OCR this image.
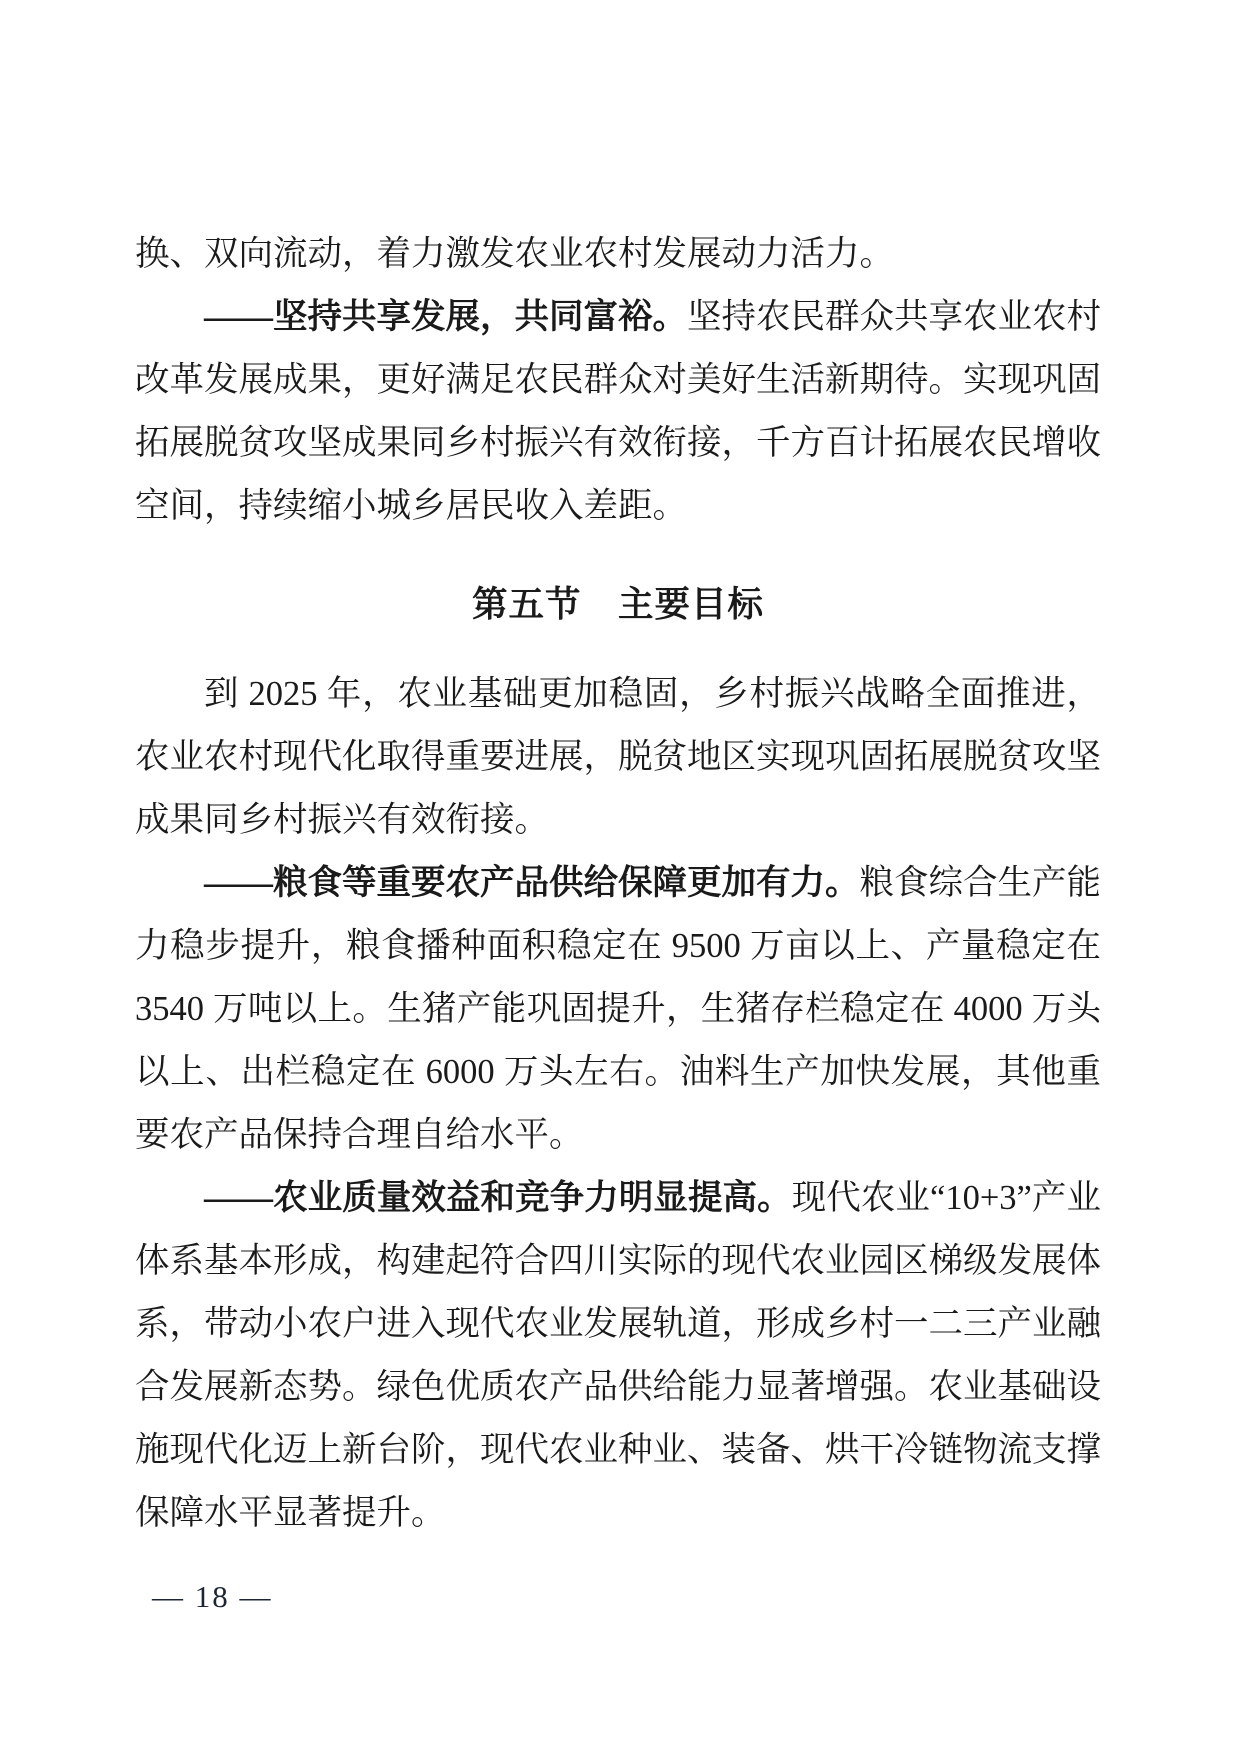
换、双向流动，着力激发农业农村发展动力活力。

——坚持共享发展，共同富裕。坚持农民群众共享农业农村改革发展成果，更好满足农民群众对美好生活新期待。实现巩固拓展脱贫攻坚成果同乡村振兴有效衔接，千方百计拓展农民增收空间，持续缩小城乡居民收入差距。

第五节　主要目标

到 2025 年，农业基础更加稳固，乡村振兴战略全面推进，农业农村现代化取得重要进展，脱贫地区实现巩固拓展脱贫攻坚成果同乡村振兴有效衔接。

——粮食等重要农产品供给保障更加有力。粮食综合生产能力稳步提升，粮食播种面积稳定在 9500 万亩以上、产量稳定在 3540 万吨以上。生猪产能巩固提升，生猪存栏稳定在 4000 万头以上、出栏稳定在 6000 万头左右。油料生产加快发展，其他重要农产品保持合理自给水平。

——农业质量效益和竞争力明显提高。现代农业“10+3”产业体系基本形成，构建起符合四川实际的现代农业园区梯级发展体系，带动小农户进入现代农业发展轨道，形成乡村一二三产业融合发展新态势。绿色优质农产品供给能力显著增强。农业基础设施现代化迈上新台阶，现代农业种业、装备、烘干冷链物流支撑保障水平显著提升。

— 18 —
